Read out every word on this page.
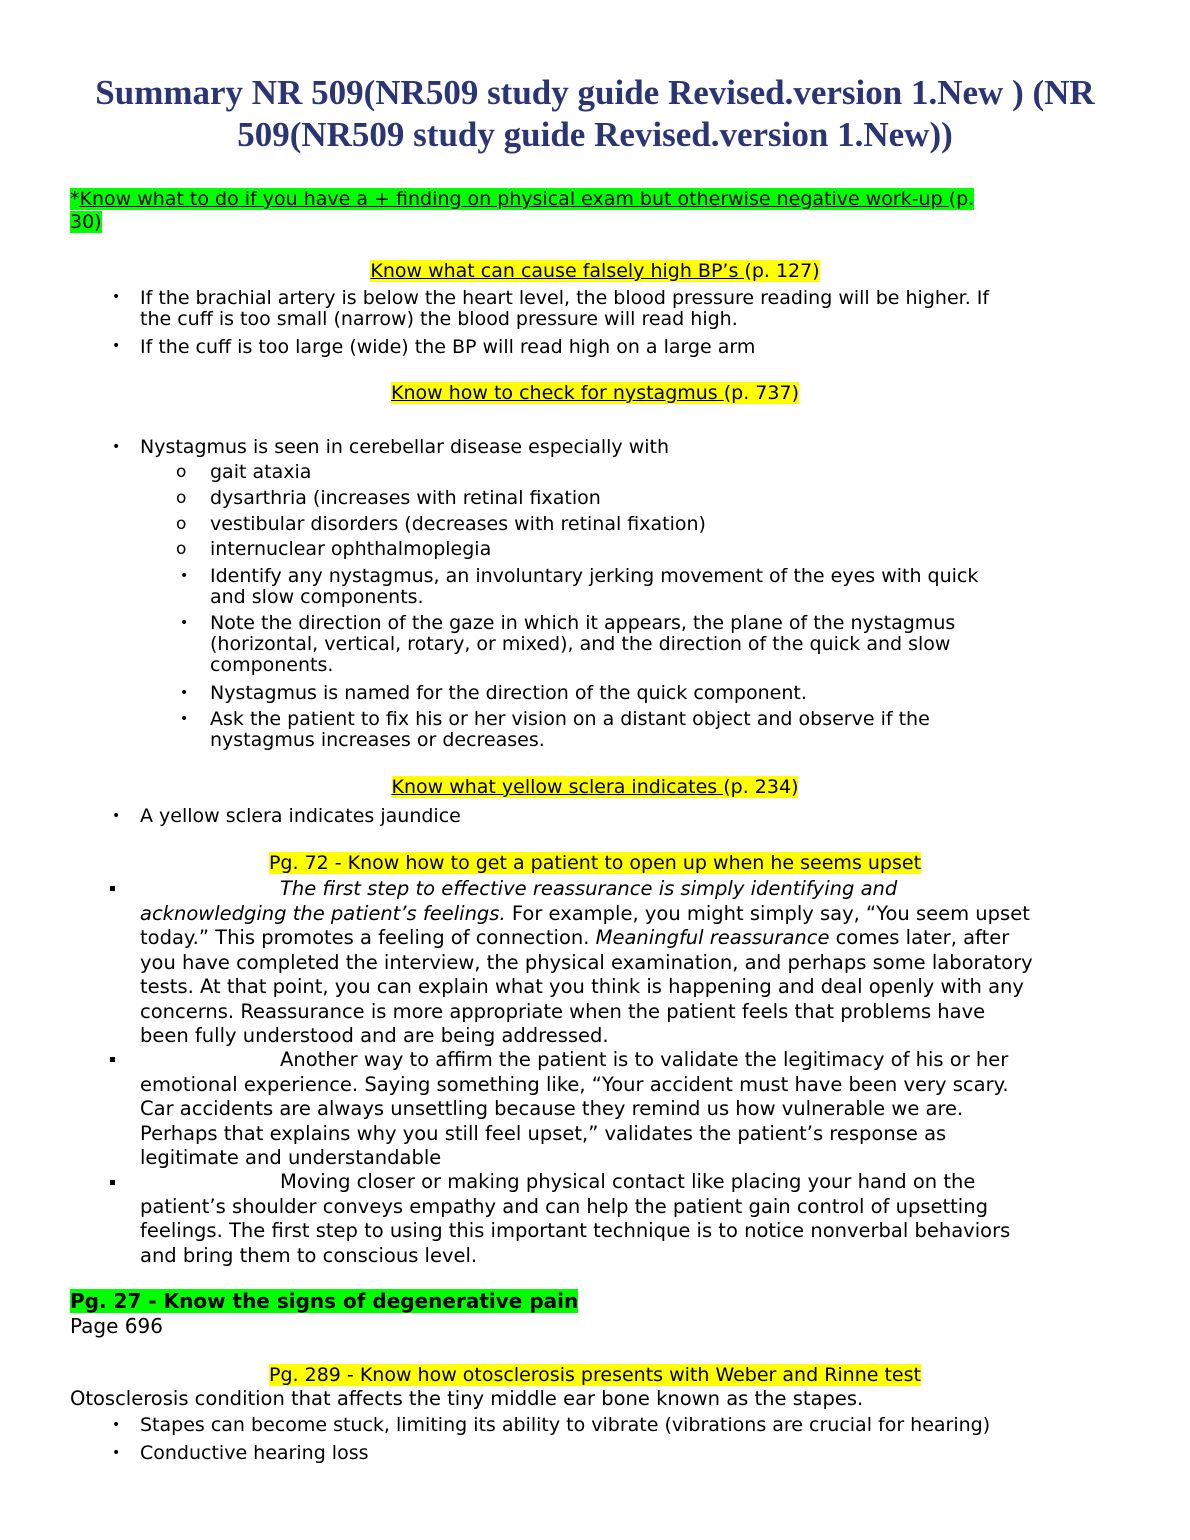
Summary NR 509(NR509 study guide Revised.version 1.New ) (NR
509(NR509 study guide Revised.version 1.New))
*Know what to do if you have a + finding on physical exam but otherwise negative work-up (p.
30)
Know what can cause falsely high BP’s (p. 127)
• If the brachial artery is below the heart level, the blood pressure reading will be higher. If
the cuff is too small (narrow) the blood pressure will read high.
• If the cuff is too large (wide) the BP will read high on a large arm
Know how to check for nystagmus (p. 737)
• Nystagmus is seen in cerebellar disease especially with
o gait ataxia
o dysarthria (increases with retinal fixation
o vestibular disorders (decreases with retinal fixation)
o internuclear ophthalmoplegia
• Identify any nystagmus, an involuntary jerking movement of the eyes with quick
and slow components.
• Note the direction of the gaze in which it appears, the plane of the nystagmus
(horizontal, vertical, rotary, or mixed), and the direction of the quick and slow
components.
• Nystagmus is named for the direction of the quick component.
• Ask the patient to fix his or her vision on a distant object and observe if the
nystagmus increases or decreases.
Know what yellow sclera indicates (p. 234)
• A yellow sclera indicates jaundice
Pg. 72 - Know how to get a patient to open up when he seems upset
The first step to effective reassurance is simply identifying and
acknowledging the patient’s feelings. For example, you might simply say, “You seem upset
today.” This promotes a feeling of connection. Meaningful reassurance comes later, after
you have completed the interview, the physical examination, and perhaps some laboratory
tests. At that point, you can explain what you think is happening and deal openly with any
concerns. Reassurance is more appropriate when the patient feels that problems have
been fully understood and are being addressed.
Another way to affirm the patient is to validate the legitimacy of his or her
emotional experience. Saying something like, “Your accident must have been very scary.
Car accidents are always unsettling because they remind us how vulnerable we are.
Perhaps that explains why you still feel upset,” validates the patient’s response as
legitimate and understandable
Moving closer or making physical contact like placing your hand on the
patient’s shoulder conveys empathy and can help the patient gain control of upsetting
feelings. The first step to using this important technique is to notice nonverbal behaviors
and bring them to conscious level.
Pg. 27 - Know the signs of degenerative pain
Page 696
Pg. 289 - Know how otosclerosis presents with Weber and Rinne test
Otosclerosis condition that affects the tiny middle ear bone known as the stapes.
• Stapes can become stuck, limiting its ability to vibrate (vibrations are crucial for hearing)
• Conductive hearing loss
